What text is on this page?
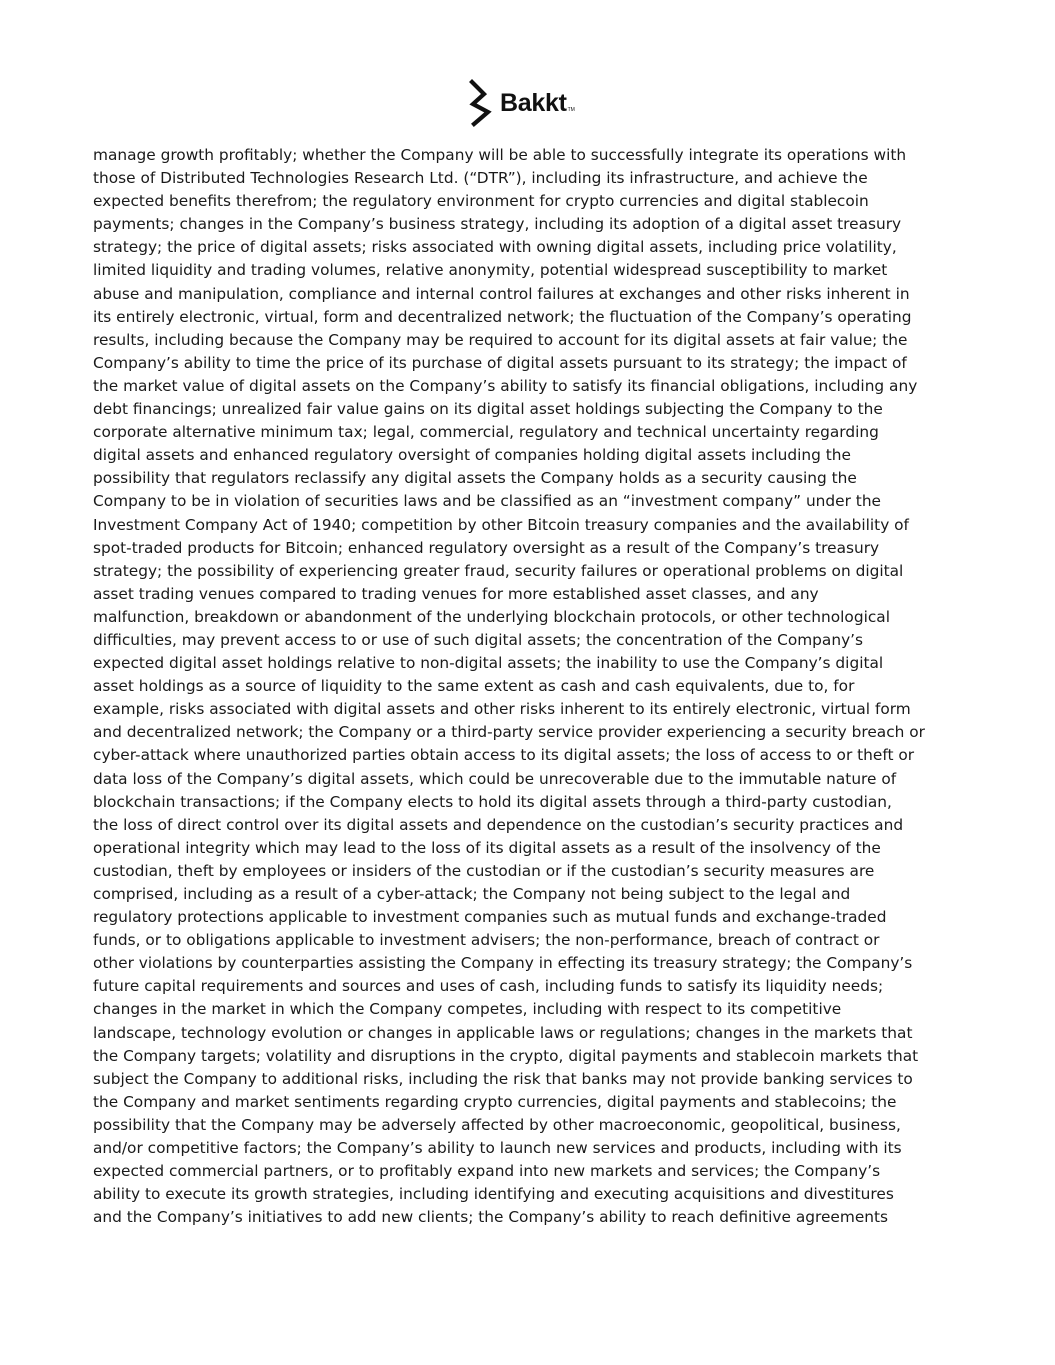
Bakkt TM

manage growth profitably; whether the Company will be able to successfully integrate its operations withthose of Distributed Technologies Research Ltd. (“DTR”), including its infrastructure, and achieve theexpected benefits therefrom; the regulatory environment for crypto currencies and digital stablecoinpayments; changes in the Company’s business strategy, including its adoption of a digital asset treasurystrategy; the price of digital assets; risks associated with owning digital assets, including price volatility,limited liquidity and trading volumes, relative anonymity, potential widespread susceptibility to marketabuse and manipulation, compliance and internal control failures at exchanges and other risks inherent inits entirely electronic, virtual, form and decentralized network; the fluctuation of the Company’s operatingresults, including because the Company may be required to account for its digital assets at fair value; theCompany’s ability to time the price of its purchase of digital assets pursuant to its strategy; the impact ofthe market value of digital assets on the Company’s ability to satisfy its financial obligations, including anydebt financings; unrealized fair value gains on its digital asset holdings subjecting the Company to thecorporate alternative minimum tax; legal, commercial, regulatory and technical uncertainty regardingdigital assets and enhanced regulatory oversight of companies holding digital assets including thepossibility that regulators reclassify any digital assets the Company holds as a security causing theCompany to be in violation of securities laws and be classified as an “investment company” under theInvestment Company Act of 1940; competition by other Bitcoin treasury companies and the availability ofspot-traded products for Bitcoin; enhanced regulatory oversight as a result of the Company’s treasurystrategy; the possibility of experiencing greater fraud, security failures or operational problems on digitalasset trading venues compared to trading venues for more established asset classes, and anymalfunction, breakdown or abandonment of the underlying blockchain protocols, or other technologicaldifficulties, may prevent access to or use of such digital assets; the concentration of the Company’sexpected digital asset holdings relative to non-digital assets; the inability to use the Company’s digitalasset holdings as a source of liquidity to the same extent as cash and cash equivalents, due to, forexample, risks associated with digital assets and other risks inherent to its entirely electronic, virtual formand decentralized network; the Company or a third-party service provider experiencing a security breach orcyber-attack where unauthorized parties obtain access to its digital assets; the loss of access to or theft ordata loss of the Company’s digital assets, which could be unrecoverable due to the immutable nature ofblockchain transactions; if the Company elects to hold its digital assets through a third-party custodian,the loss of direct control over its digital assets and dependence on the custodian’s security practices andoperational integrity which may lead to the loss of its digital assets as a result of the insolvency of thecustodian, theft by employees or insiders of the custodian or if the custodian’s security measures arecomprised, including as a result of a cyber-attack; the Company not being subject to the legal andregulatory protections applicable to investment companies such as mutual funds and exchange-tradedfunds, or to obligations applicable to investment advisers; the non-performance, breach of contract orother violations by counterparties assisting the Company in effecting its treasury strategy; the Company’sfuture capital requirements and sources and uses of cash, including funds to satisfy its liquidity needs;changes in the market in which the Company competes, including with respect to its competitivelandscape, technology evolution or changes in applicable laws or regulations; changes in the markets thatthe Company targets; volatility and disruptions in the crypto, digital payments and stablecoin markets thatsubject the Company to additional risks, including the risk that banks may not provide banking services tothe Company and market sentiments regarding crypto currencies, digital payments and stablecoins; thepossibility that the Company may be adversely affected by other macroeconomic, geopolitical, business,and/or competitive factors; the Company’s ability to launch new services and products, including with itsexpected commercial partners, or to profitably expand into new markets and services; the Company’sability to execute its growth strategies, including identifying and executing acquisitions and divestituresand the Company’s initiatives to add new clients; the Company’s ability to reach definitive agreements
